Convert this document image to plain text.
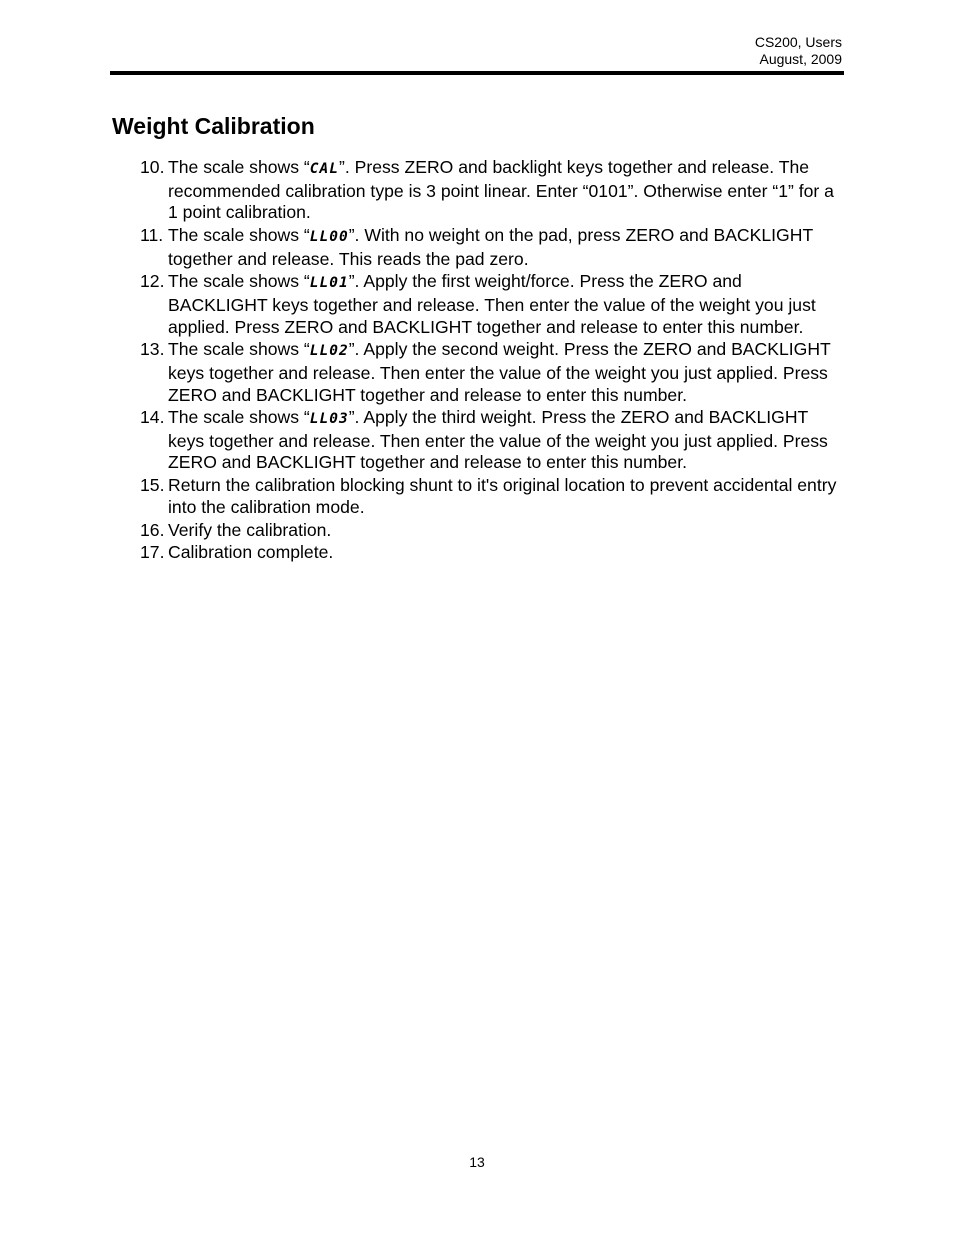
CS200, Users
August, 2009
Weight Calibration
10. The scale shows “CAL”. Press ZERO and backlight keys together and release. The recommended calibration type is 3 point linear. Enter “0101”. Otherwise enter “1” for a 1 point calibration.
11. The scale shows “LL00”. With no weight on the pad, press ZERO and BACKLIGHT together and release. This reads the pad zero.
12. The scale shows “LL01”. Apply the first weight/force. Press the ZERO and BACKLIGHT keys together and release. Then enter the value of the weight you just applied. Press ZERO and BACKLIGHT together and release to enter this number.
13. The scale shows “LL02”. Apply the second weight. Press the ZERO and BACKLIGHT keys together and release. Then enter the value of the weight you just applied. Press ZERO and BACKLIGHT together and release to enter this number.
14. The scale shows “LL03”. Apply the third weight. Press the ZERO and BACKLIGHT keys together and release. Then enter the value of the weight you just applied. Press ZERO and BACKLIGHT together and release to enter this number.
15. Return the calibration blocking shunt to it's original location to prevent accidental entry into the calibration mode.
16. Verify the calibration.
17. Calibration complete.
13
